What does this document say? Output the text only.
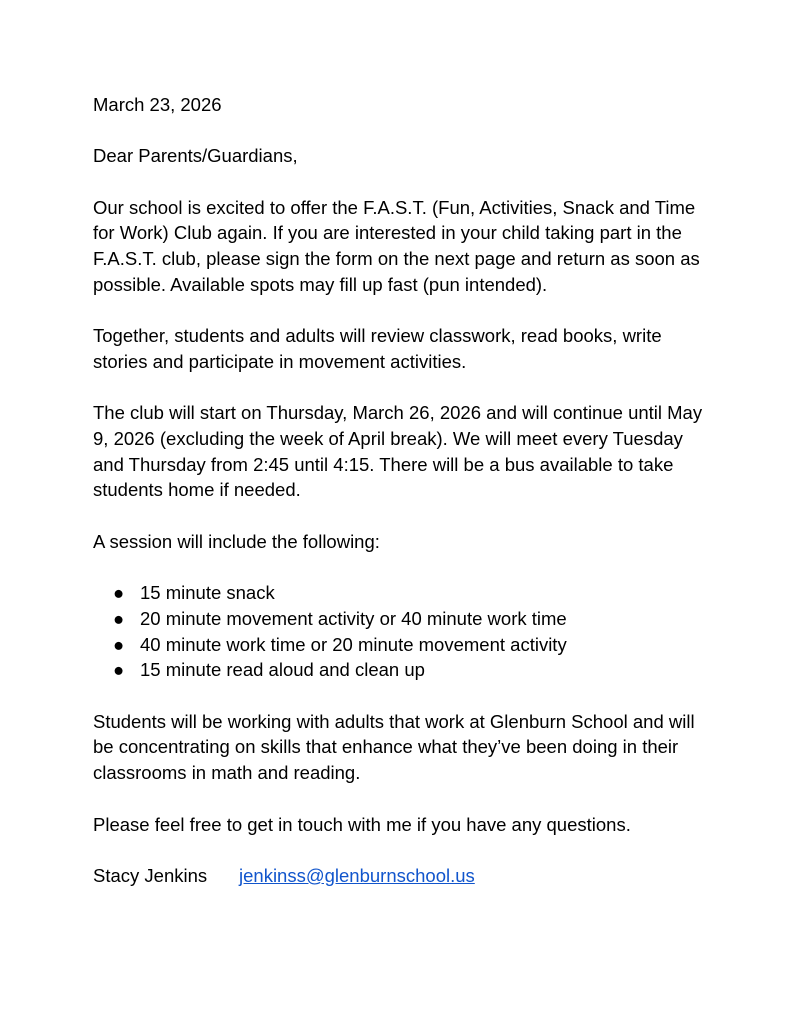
March 23, 2026

Dear Parents/Guardians,

Our school is excited to offer the F.A.S.T. (Fun, Activities, Snack and Time for Work) Club again. If you are interested in your child taking part in the F.A.S.T. club, please sign the form on the next page and return as soon as possible. Available spots may fill up fast (pun intended).

Together, students and adults will review classwork, read books, write stories and participate in movement activities.

The club will start on Thursday, March 26, 2026 and will continue until May 9, 2026 (excluding the week of April break). We will meet every Tuesday and Thursday from 2:45 until 4:15. There will be a bus available to take students home if needed.

A session will include the following:

● 15 minute snack
● 20 minute movement activity or 40 minute work time
● 40 minute work time or 20 minute movement activity
● 15 minute read aloud and clean up

Students will be working with adults that work at Glenburn School and will be concentrating on skills that enhance what they’ve been doing in their classrooms in math and reading.

Please feel free to get in touch with me if you have any questions.

Stacy Jenkins jenkinss@glenburnschool.us
